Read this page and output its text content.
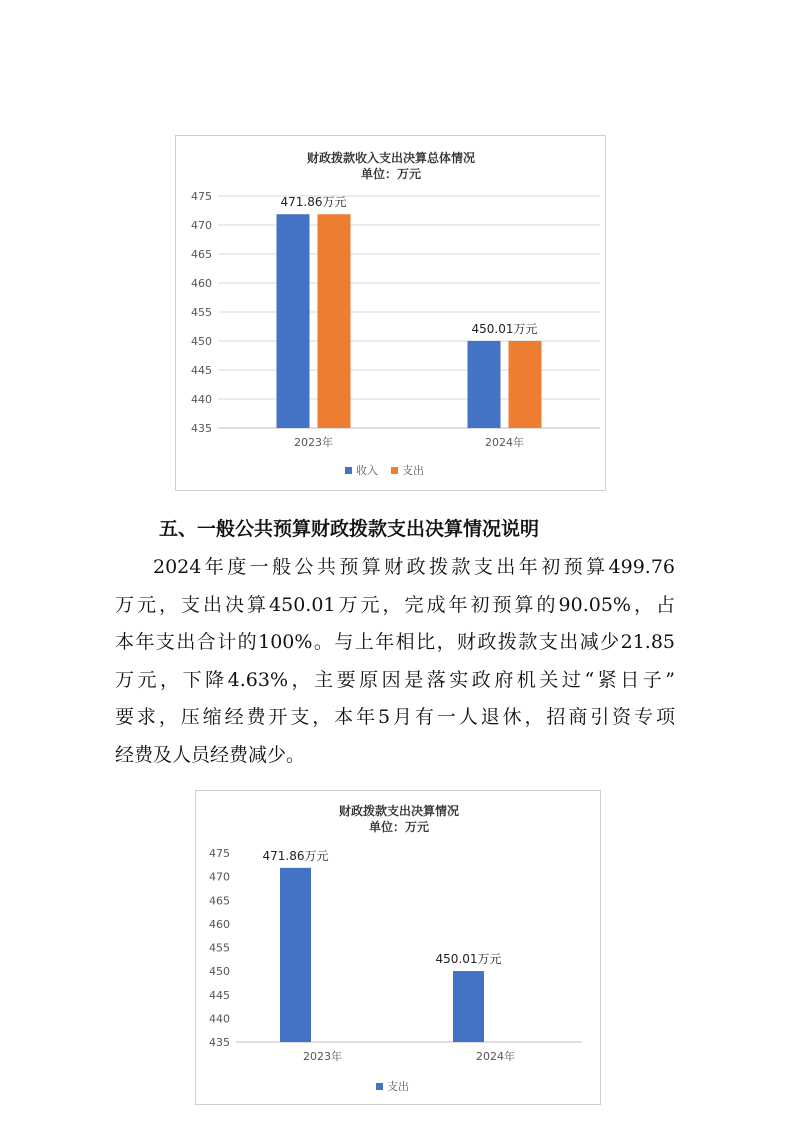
财政拨款收入支出决算总体情况
单位：万元
475
470
465
460
455
450
445
440
435
2023年
471.86万元
2024年
450.01万元
收入 支出
五、一般公共预算财政拨款支出决算情况说明

2024年度一般公共预算财政拨款支出年初预算499.76

万元，支出决算450.01万元，完成年初预算的90.05%，占

本年支出合计的100%。与上年相比，财政拨款支出减少21.85

万元，下降4.63%，主要原因是落实政府机关过“紧日子”

要求，压缩经费开支，本年5月有一人退休，招商引资专项

经费及人员经费减少。

财政拨款支出决算情况
单位：万元
475
470
465
460
455
450
445
440
435
2023年
471.86万元
2024年
450.01万元
支出
